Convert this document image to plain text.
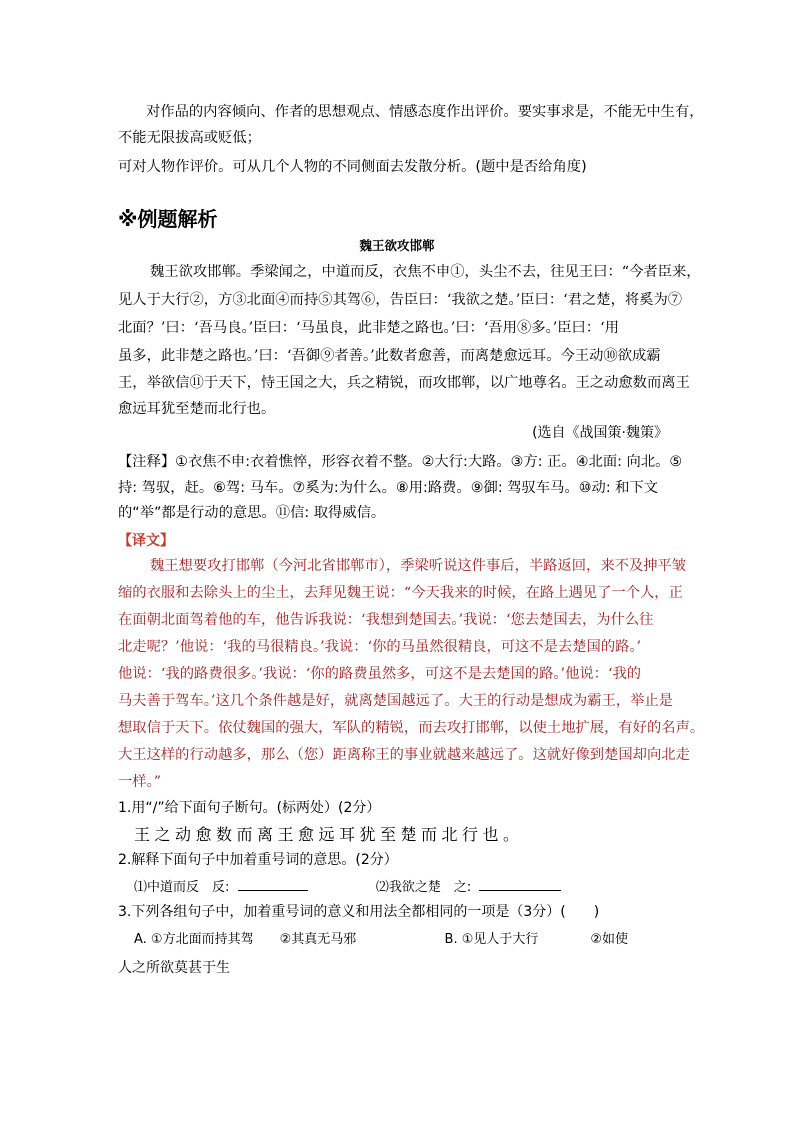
对作品的内容倾向、作者的思想观点、情感态度作出评价。要实事求是，不能无中生有，
不能无限拔高或贬低；
可对人物作评价。可从几个人物的不同侧面去发散分析。(题中是否给角度)
※例题解析
魏王欲攻邯郸
魏王欲攻邯郸。季梁闻之，中道而反，衣焦不申①，头尘不去，往见王曰：“今者臣来，
见人于大行②，方③北面④而持⑤其驾⑥，告臣曰：‘我欲之楚。’臣曰：‘君之楚，将奚为⑦
北面？’曰：‘吾马良。’臣曰：‘马虽良，此非楚之路也。’曰：‘吾用⑧多。’臣曰：‘用
虽多，此非楚之路也。’曰：‘吾御⑨者善。’此数者愈善，而离楚愈远耳。今王动⑩欲成霸
王，举欲信⑪于天下，恃王国之大，兵之精锐，而攻邯郸，以广地尊名。王之动愈数而离王
愈远耳犹至楚而北行也。
(选自《战国策·魏策》
【注释】①衣焦不申:衣着憔悴，形容衣着不整。②大行:大路。③方: 正。④北面: 向北。⑤
持: 驾驭，赶。⑥驾: 马车。⑦奚为:为什么。⑧用:路费。⑨御: 驾驭车马。⑩动: 和下文
的“举”都是行动的意思。⑪信: 取得威信。
【译文】
魏王想要攻打邯郸（今河北省邯郸市），季梁听说这件事后，半路返回，来不及抻平皱
缩的衣服和去除头上的尘土，去拜见魏王说：“今天我来的时候，在路上遇见了一个人，正
在面朝北面驾着他的车，他告诉我说：‘我想到楚国去。’我说：‘您去楚国去，为什么往
北走呢？’他说：‘我的马很精良。’我说：‘你的马虽然很精良，可这不是去楚国的路。’
他说：‘我的路费很多。’我说：‘你的路费虽然多，可这不是去楚国的路。’他说：‘我的
马夫善于驾车。’这几个条件越是好，就离楚国越远了。大王的行动是想成为霸王，举止是
想取信于天下。依仗魏国的强大，军队的精锐，而去攻打邯郸，以使土地扩展，有好的名声。
大王这样的行动越多，那么（您）距离称王的事业就越来越远了。这就好像到楚国却向北走
一样。”
1.用“/”给下面句子断句。(标两处）(2分）
王之动愈数而离王愈远耳犹至楚而北行也。
2.解释下面句子中加着重号词的意思。(2分）
⑴中道而反　反:	⑵我欲之楚　之:
3.下列各组句子中，加着重号词的意义和用法全都相同的一项是（3分）(　　)
A. ①方北面而持其驾　　②其真无马邪	B. ①见人于大行　　　　②如使
人之所欲莫甚于生
